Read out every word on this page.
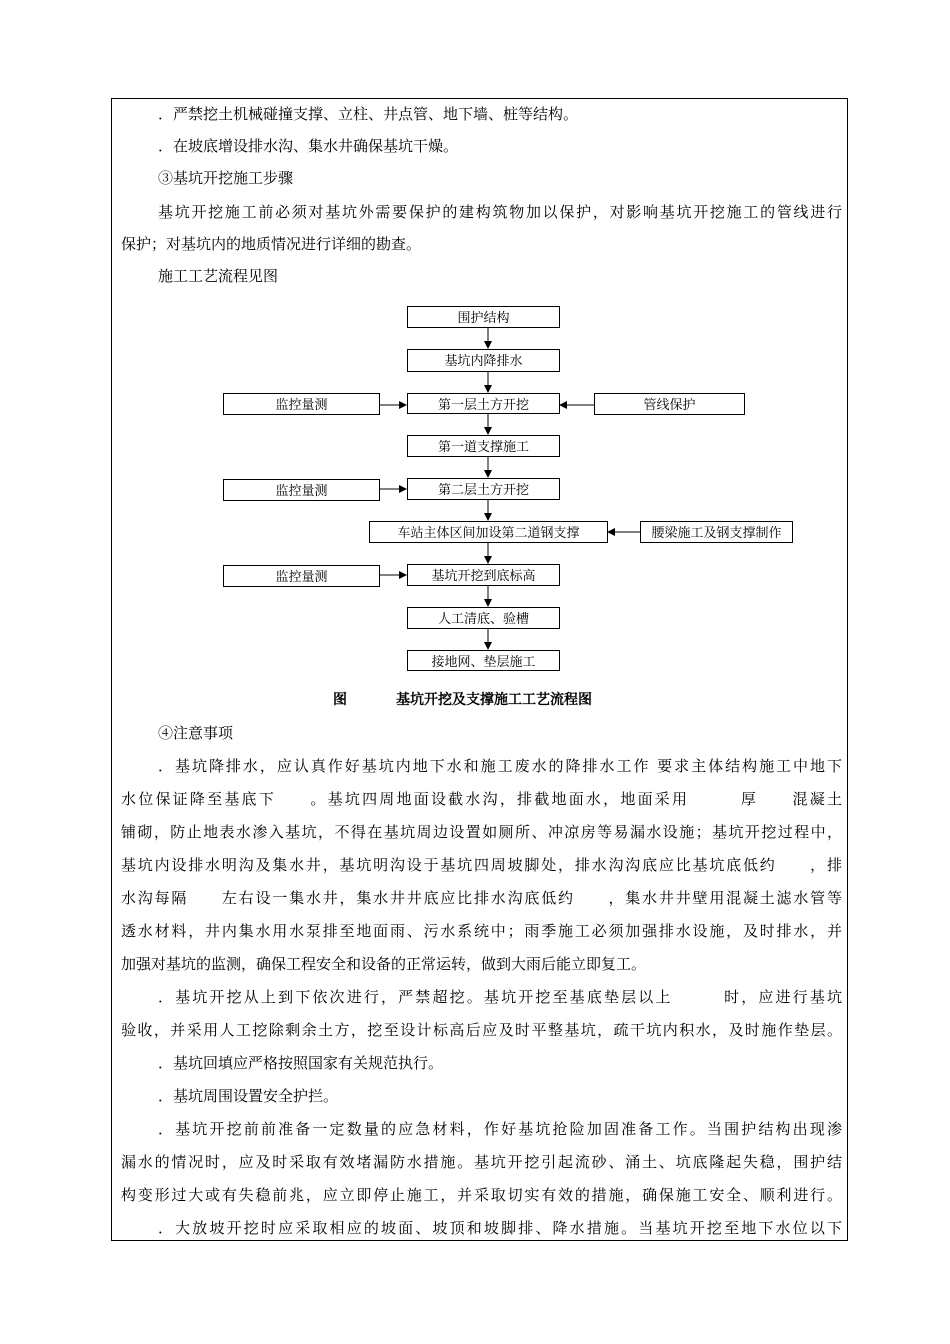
．严禁挖土机械碰撞支撑、立柱、井点管、地下墙、桩等结构。
．在坡底增设排水沟、集水井确保基坑干燥。
③基坑开挖施工步骤
基坑开挖施工前必须对基坑外需要保护的建构筑物加以保护，对影响基坑开挖施工的管线进行
保护；对基坑内的地质情况进行详细的勘查。
施工工艺流程见图
围护结构
基坑内降排水
第一层土方开挖
第一道支撑施工
第二层土方开挖
车站主体区间加设第二道钢支撑
基坑开挖到底标高
人工清底、验槽
接地网、垫层施工
监控量测
监控量测
监控量测
管线保护
腰梁施工及钢支撑制作
图	基坑开挖及支撑施工工艺流程图
④注意事项
．基坑降排水，应认真作好基坑内地下水和施工废水的降排水工作 要求主体结构施工中地下
水位保证降至基底下　　。基坑四周地面设截水沟，排截地面水，地面采用　　　厚　　混凝土
铺砌，防止地表水渗入基坑，不得在基坑周边设置如厕所、冲凉房等易漏水设施；基坑开挖过程中，
基坑内设排水明沟及集水井，基坑明沟设于基坑四周坡脚处，排水沟沟底应比基坑底低约　　，排
水沟每隔　　左右设一集水井，集水井井底应比排水沟底低约　　，集水井井壁用混凝土滤水管等
透水材料，井内集水用水泵排至地面雨、污水系统中；雨季施工必须加强排水设施，及时排水，并
加强对基坑的监测，确保工程安全和设备的正常运转，做到大雨后能立即复工。
．基坑开挖从上到下依次进行，严禁超挖。基坑开挖至基底垫层以上　　　时，应进行基坑
验收，并采用人工挖除剩余土方，挖至设计标高后应及时平整基坑，疏干坑内积水，及时施作垫层。
．基坑回填应严格按照国家有关规范执行。
．基坑周围设置安全护拦。
．基坑开挖前前准备一定数量的应急材料，作好基坑抢险加固准备工作。当围护结构出现渗
漏水的情况时，应及时采取有效堵漏防水措施。基坑开挖引起流砂、涌土、坑底隆起失稳，围护结
构变形过大或有失稳前兆，应立即停止施工，并采取切实有效的措施，确保施工安全、顺利进行。
．大放坡开挖时应采取相应的坡面、坡顶和坡脚排、降水措施。当基坑开挖至地下水位以下
